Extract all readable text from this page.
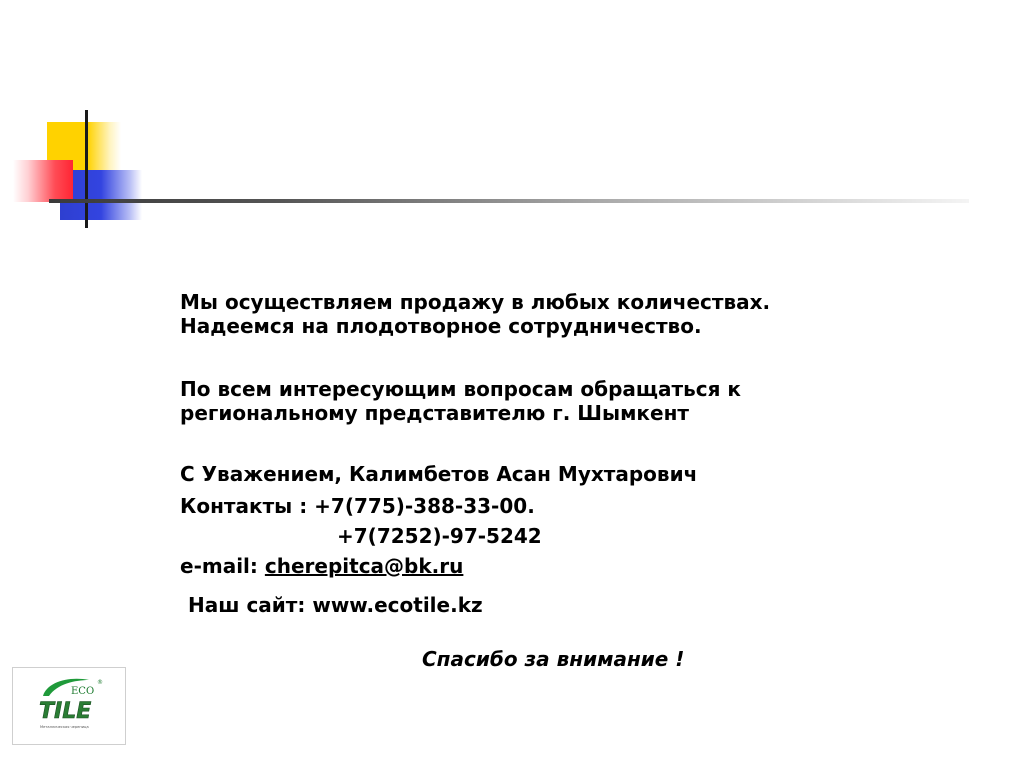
Мы осуществляем продажу в любых количествах.
Надеемся на плодотворное сотрудничество.
По всем интересующим вопросам обращаться к
региональному представителю г. Шымкент
С Уважением, Калимбетов Асан Мухтарович
Контакты : +7(775)-388-33-00.
+7(7252)-97-5242
e-mail: cherepitca@bk.ru
Наш сайт: www.ecotile.kz
Спасибо за внимание !
ECO
®
TILE
Металлическая черепица
